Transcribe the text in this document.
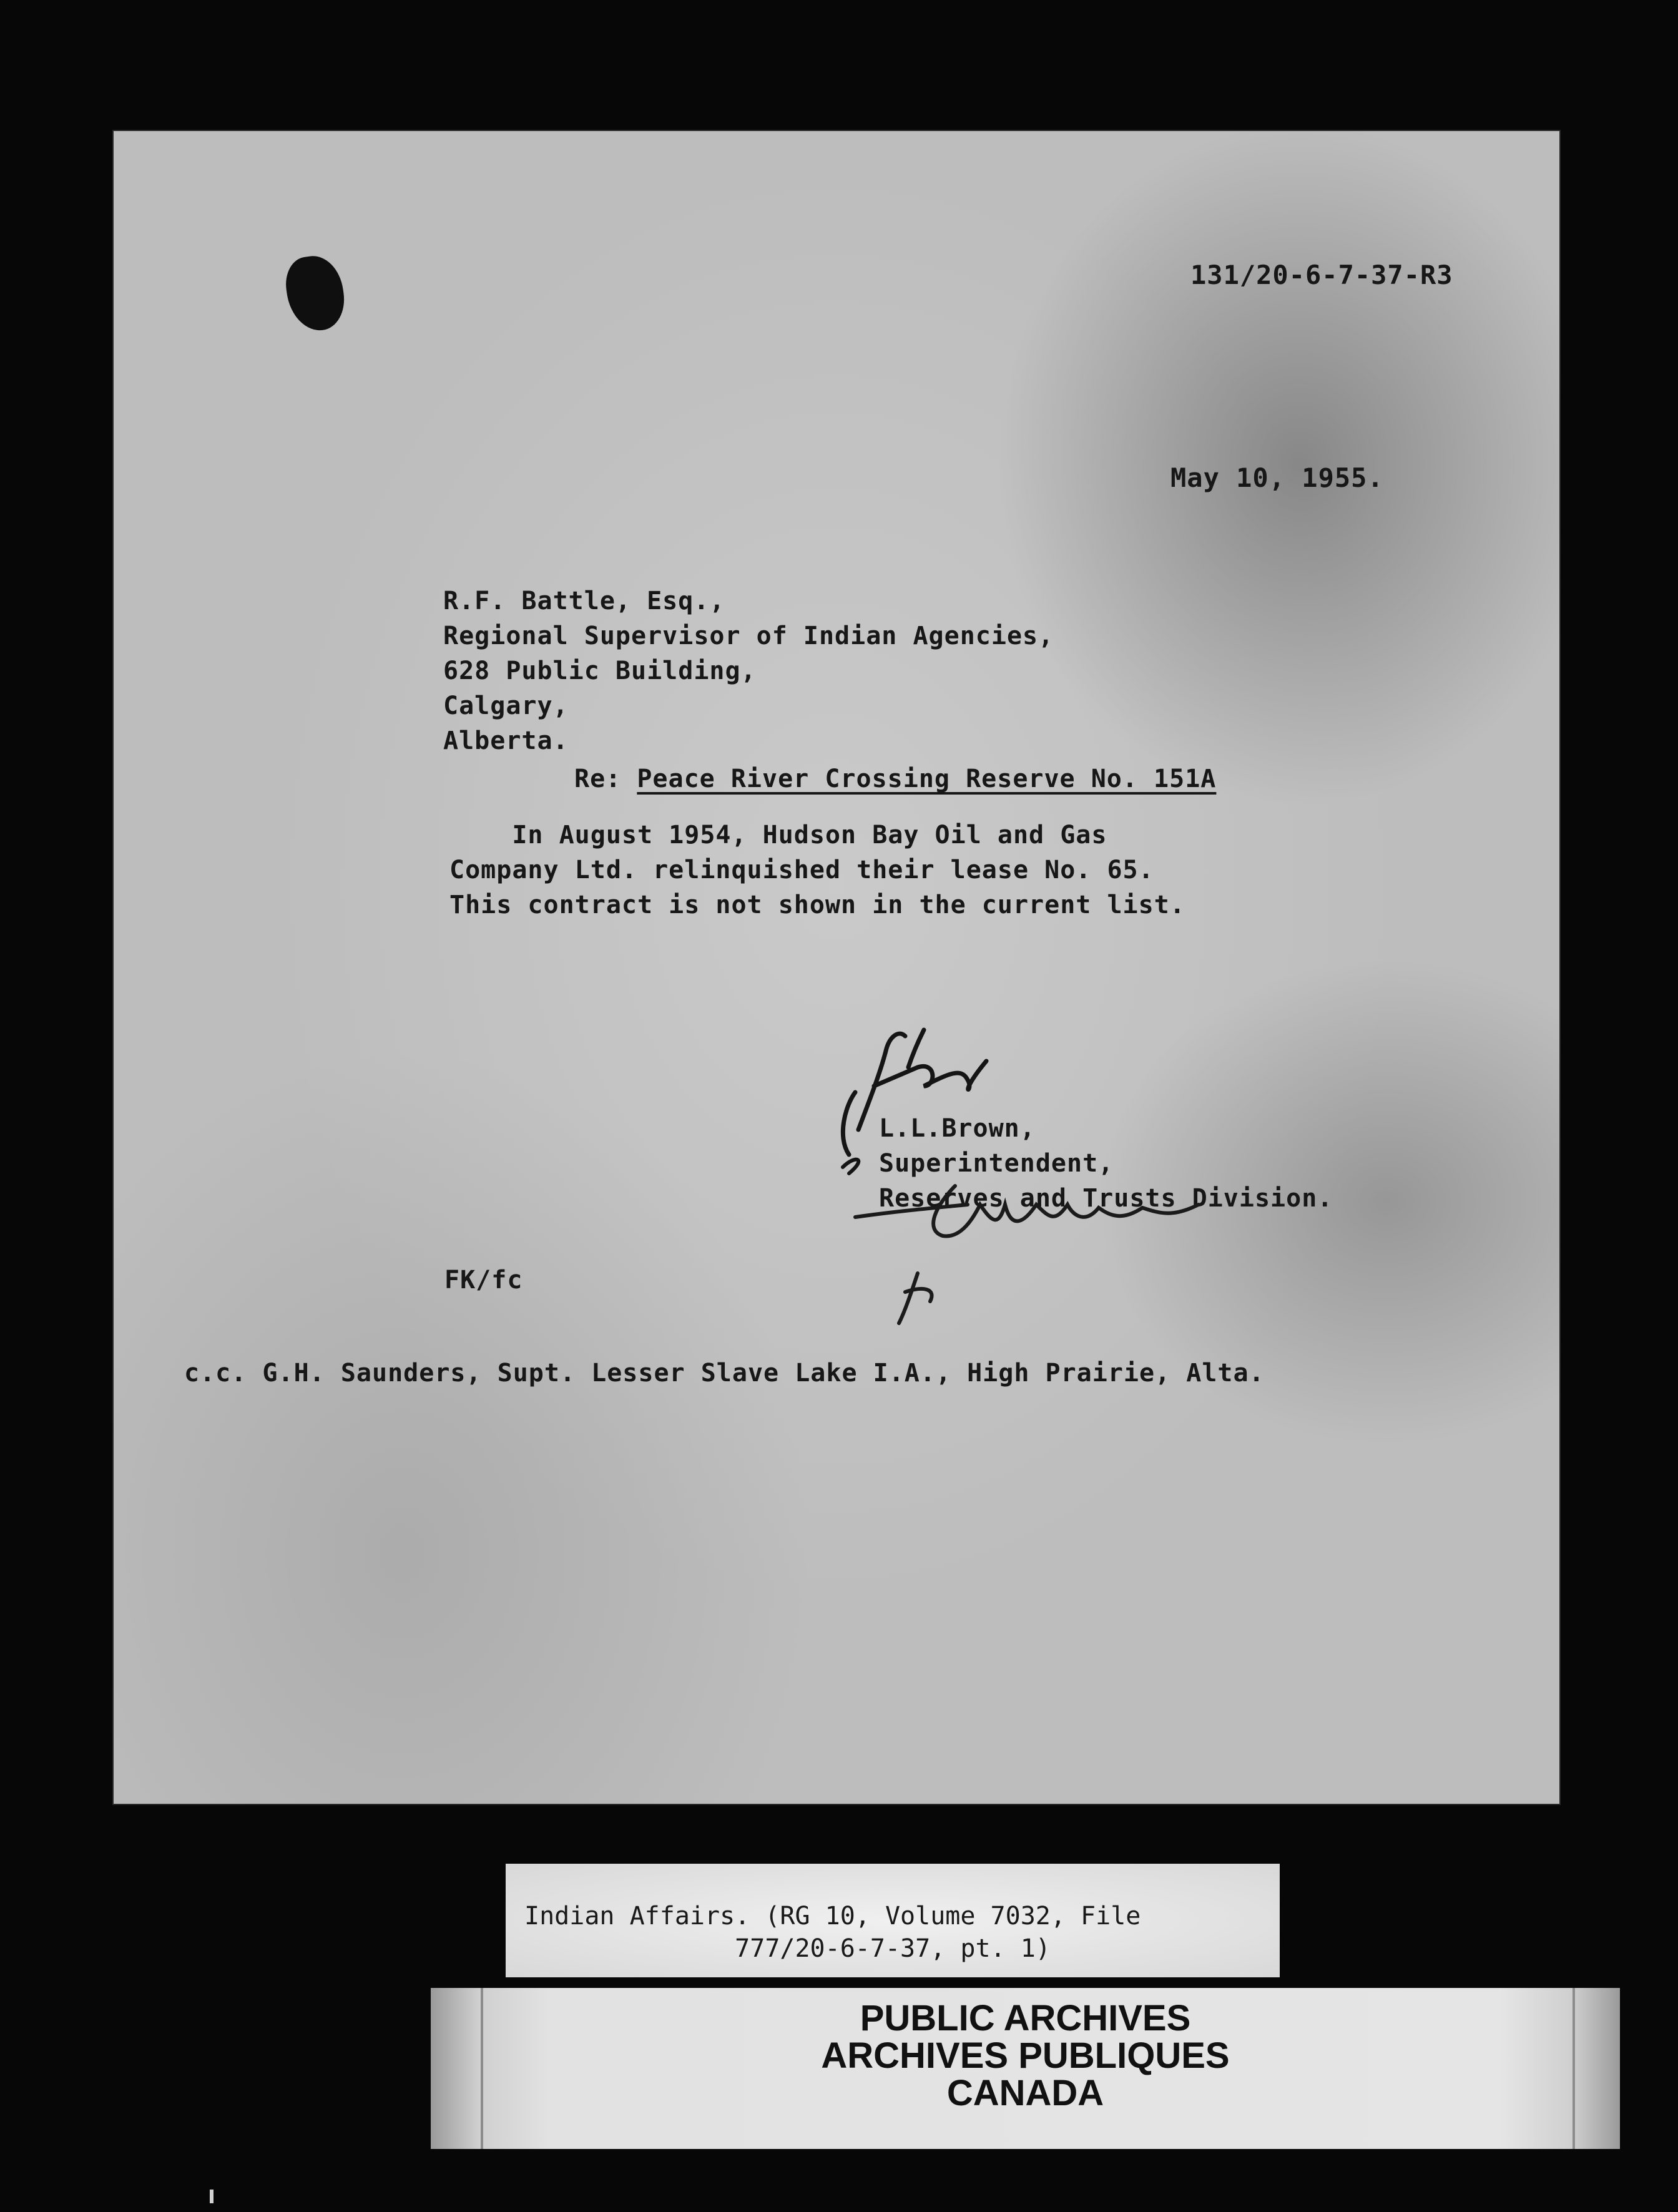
131/20-6-7-37-R3
May 10, 1955.
R.F. Battle, Esq.,
Regional Supervisor of Indian Agencies,
628 Public Building,
Calgary,
Alberta.
Re: Peace River Crossing Reserve No. 151A
In August 1954, Hudson Bay Oil and Gas
Company Ltd. relinquished their lease No. 65.
This contract is not shown in the current list.
L.L.Brown,
Superintendent,
Reserves and Trusts Division.
FK/fc
c.c. G.H. Saunders, Supt. Lesser Slave Lake I.A., High Prairie, Alta.
Indian Affairs. (RG 10, Volume 7032, File
777/20-6-7-37, pt. 1)
PUBLIC ARCHIVES
ARCHIVES PUBLIQUES
CANADA
